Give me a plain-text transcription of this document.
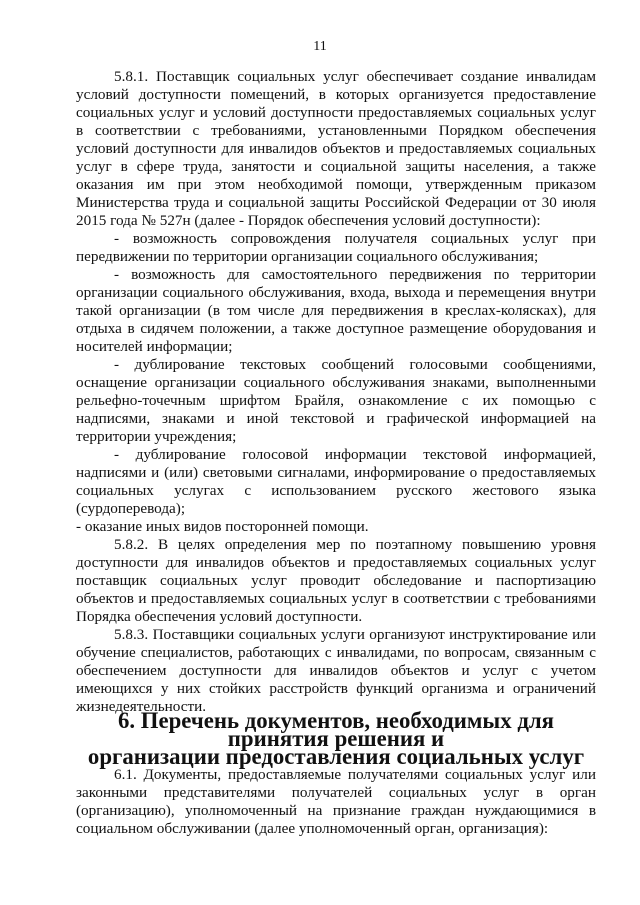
11

5.8.1. Поставщик социальных услуг обеспечивает создание инвалидам условий доступности помещений, в которых организуется предоставление социальных услуг и условий доступности предоставляемых социальных услуг в соответствии с требованиями, установленными Порядком обеспечения условий доступности для инвалидов объектов и предоставляемых социальных услуг в сфере труда, занятости и социальной защиты населения, а также оказания им при этом необходимой помощи, утвержденным приказом Министерства труда и социальной защиты Российской Федерации от 30 июля 2015 года № 527н (далее - Порядок обеспечения условий доступности):

- возможность сопровождения получателя социальных услуг при передвижении по территории организации социального обслуживания;

- возможность для самостоятельного передвижения по территории организации социального обслуживания, входа, выхода и перемещения внутри такой организации (в том числе для передвижения в креслах-колясках), для отдыха в сидячем положении, а также доступное размещение оборудования и носителей информации;

- дублирование текстовых сообщений голосовыми сообщениями, оснащение организации социального обслуживания знаками, выполненными рельефно-точечным шрифтом Брайля, ознакомление с их помощью с надписями, знаками и иной текстовой и графической информацией на территории учреждения;

- дублирование голосовой информации текстовой информацией, надписями и (или) световыми сигналами, информирование о предоставляемых социальных услугах с использованием русского жестового языка (сурдоперевода);

- оказание иных видов посторонней помощи.

5.8.2. В целях определения мер по поэтапному повышению уровня доступности для инвалидов объектов и предоставляемых социальных услуг поставщик социальных услуг проводит обследование и паспортизацию объектов и предоставляемых социальных услуг в соответствии с требованиями Порядка обеспечения условий доступности.

5.8.3. Поставщики социальных услуги организуют инструктирование или обучение специалистов, работающих с инвалидами, по вопросам, связанным с обеспечением доступности для инвалидов объектов и услуг с учетом имеющихся у них стойких расстройств функций организма и ограничений жизнедеятельности.

6. Перечень документов, необходимых для принятия решения и
организации предоставления социальных услуг

6.1. Документы, предоставляемые получателями социальных услуг или законными представителями получателей социальных услуг в орган (организацию), уполномоченный на признание граждан нуждающимися в социальном обслуживании (далее уполномоченный орган, организация):
